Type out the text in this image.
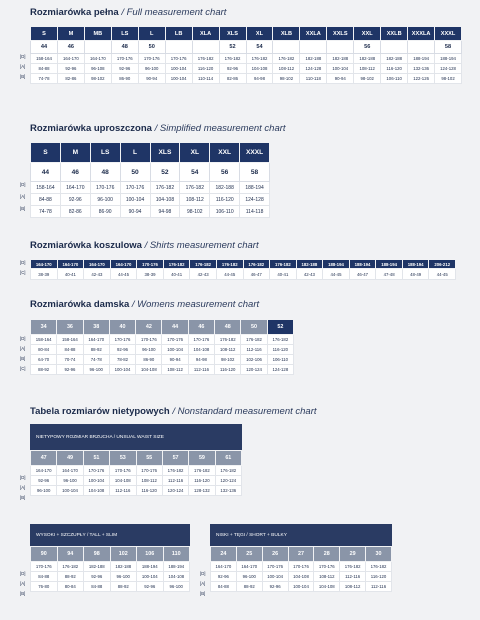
Rozmiarówka pełna / Full measurement chart
[D]
[A]
[B]
S	M	MB	LS	L	LB	XLA	XLS	XL	XLB	XXLA	XXLS	XXL	XXLB	XXXLA	XXXL
44	46		48	50			52	54				56			58
158-164	164-170	164-170	170-176	170-176	170-176	176-182	176-182	176-182	176-182	182-188	182-188	182-188	182-188	188-194	188-194
84-88	92-96	96-108	92-96	96-100	100-104	116-120	92-96	104-108	108-112	124-128	100-104	108-112	116-120	132-136	124-128
74-78	82-86	98-102	86-90	90-94	100-104	110-114	82-86	94-98	98-102	110-118	90-94	98-102	106-110	122-126	98-102
Rozmiarówka uproszczona / Simplified measurement chart
[D]
[A]
[B]
S	M	LS	L	XLS	XL	XXL	XXXL
44	46	48	50	52	54	56	58
158-164	164-170	170-176	170-176	176-182	176-182	182-188	188-194
84-88	92-96	96-100	100-104	104-108	108-112	116-120	124-128
74-78	82-86	86-90	90-94	94-98	98-102	106-110	114-118
Rozmiarówka koszulowa / Shirts measurement chart
[D]
[C]
164-170	164-170	164-170	164-170	170-176	176-182	176-182	176-182	176-182	176-182	182-188	188-194	188-194	188-194	188-194	206-212
38-39	40-41	42-43	44-45	38-39	40-41	42-43	44-45	46-47	40-41	42-43	44-45	46-47	47-48	48-49	44-45
Rozmiarówka damska / Womens measurement chart
[D]
[A]
[B]
[C]
34	36	38	40	42	44	46	48	50	52
158-164	158-164	164-170	170-176	170-176	170-176	170-176	176-182	176-182	176-182
80-84	84-88	88-92	92-96	96-100	100-104	104-108	108-112	112-116	116-120
64-70	70-74	74-78	78-82	86-90	90-94	94-98	98-102	102-106	106-110
88-92	92-96	96-100	100-104	104-108	108-112	112-116	116-120	120-124	124-128
Tabela rozmiarów nietypowych / Nonstandard measurement chart
NIETYPOWY ROZMIAR BRZUCHA / UNSUAL WAIST SIZE
47	49	51	53	55	57	59	61
164-170	164-170	170-176	170-176	170-176	176-182	176-182	176-182
92-96	96-100	100-104	104-108	108-112	112-116	116-120	120-124
96-100	100-104	104-108	112-116	116-120	120-124	128-132	132-136
[D]
[A]
[B]
WYSOKI + SZCZUPŁY / TALL + SLIM
90	94	98	102	106	110
170-176	176-182	182-188	182-188	188-194	188-194
84-88	88-92	92-96	96-100	100-104	104-108
76-80	80-84	84-88	88-92	92-96	96-100
[D]
[A]
[B]
NISKI + TĘGI / SHORT + BULKY
24	25	26	27	28	29	30
164-170	164-170	170-176	170-176	170-176	176-182	176-182
92-96	96-100	100-104	104-108	108-112	112-116	116-120
84-88	88-92	92-96	100-104	104-108	108-112	112-116
[D]
[A]
[B]
